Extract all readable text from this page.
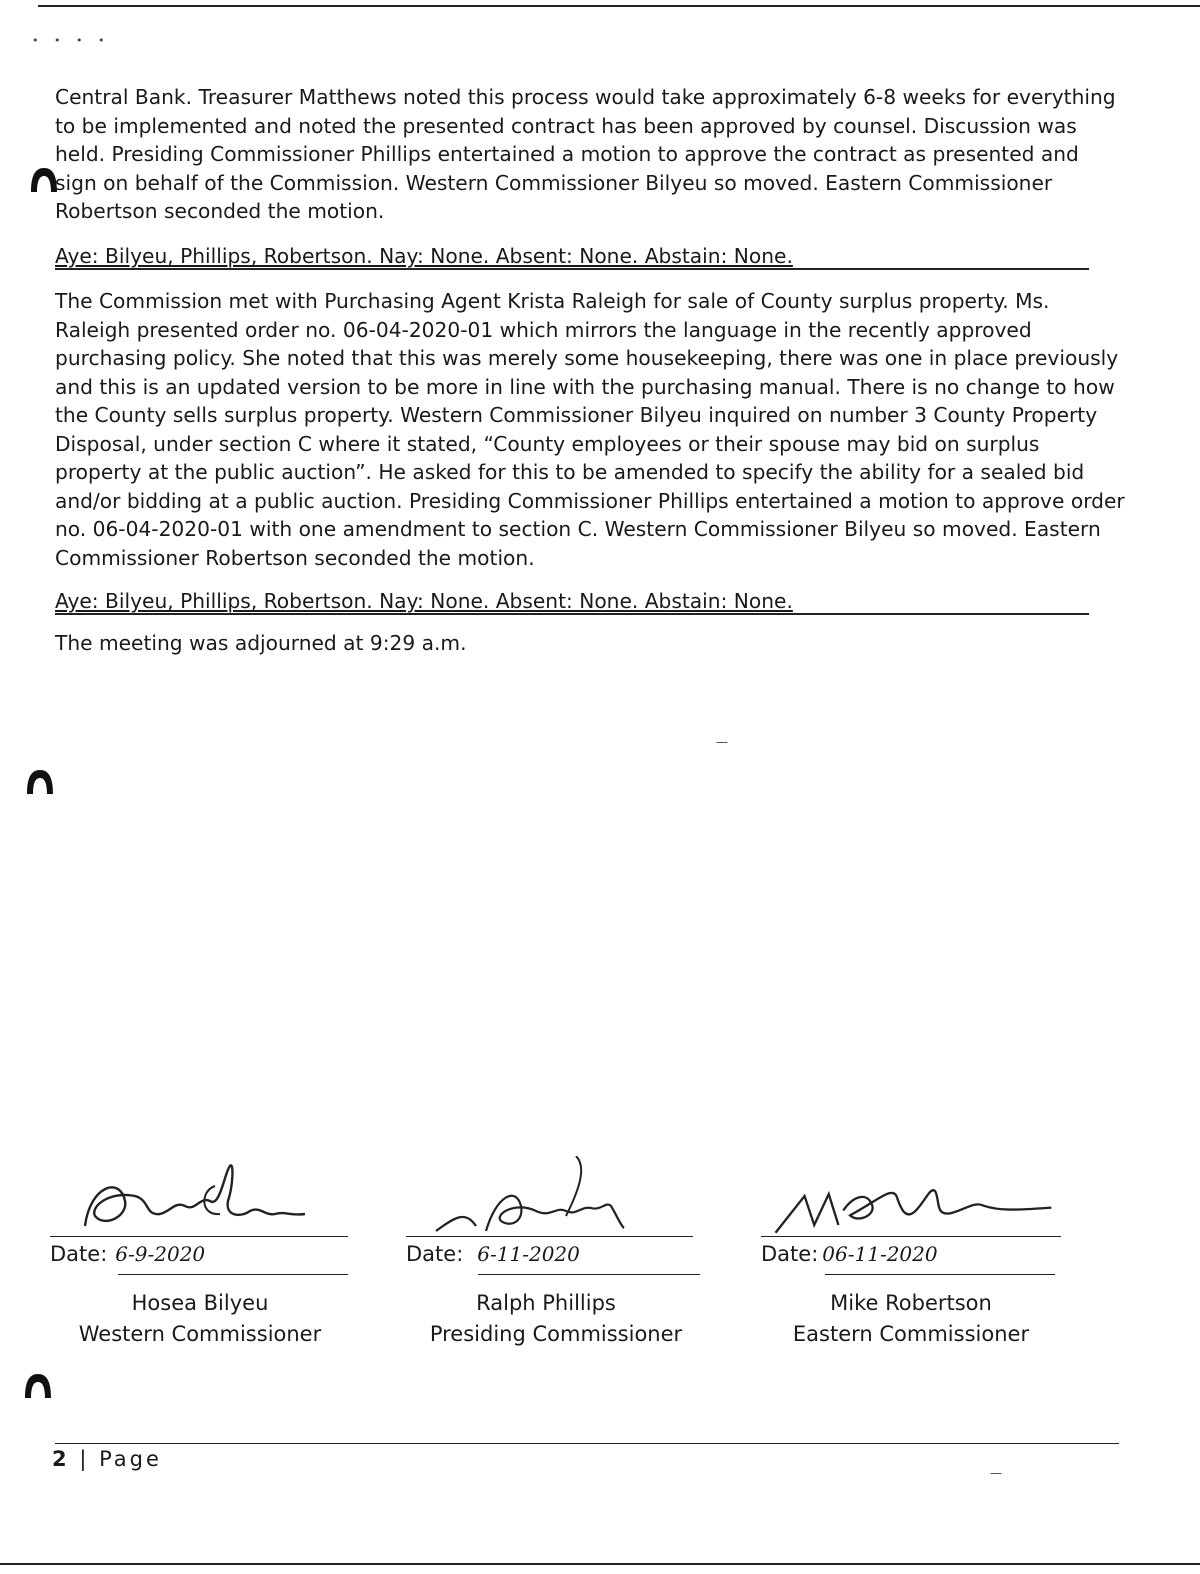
• • • •

Central Bank. Treasurer Matthews noted this process would take approximately 6-8 weeks for everything to be implemented and noted the presented contract has been approved by counsel. Discussion was held. Presiding Commissioner Phillips entertained a motion to approve the contract as presented and sign on behalf of the Commission. Western Commissioner Bilyeu so moved. Eastern Commissioner Robertson seconded the motion.

Aye: Bilyeu, Phillips, Robertson. Nay: None. Absent: None. Abstain: None.

The Commission met with Purchasing Agent Krista Raleigh for sale of County surplus property. Ms. Raleigh presented order no. 06-04-2020-01 which mirrors the language in the recently approved purchasing policy. She noted that this was merely some housekeeping, there was one in place previously and this is an updated version to be more in line with the purchasing manual. There is no change to how the County sells surplus property. Western Commissioner Bilyeu inquired on number 3 County Property Disposal, under section C where it stated, “County employees or their spouse may bid on surplus property at the public auction”. He asked for this to be amended to specify the ability for a sealed bid and/or bidding at a public auction. Presiding Commissioner Phillips entertained a motion to approve order no. 06-04-2020-01 with one amendment to section C. Western Commissioner Bilyeu so moved. Eastern Commissioner Robertson seconded the motion.

Aye: Bilyeu, Phillips, Robertson. Nay: None. Absent: None. Abstain: None.
The meeting was adjourned at 9:29 a.m.
—
Date: 6-9-2020
Hosea Bilyeu
Western Commissioner
Date: 6-11-2020
Ralph Phillips
Presiding Commissioner
Date: 06-11-2020
Mike Robertson
Eastern Commissioner
2 | Page
—
